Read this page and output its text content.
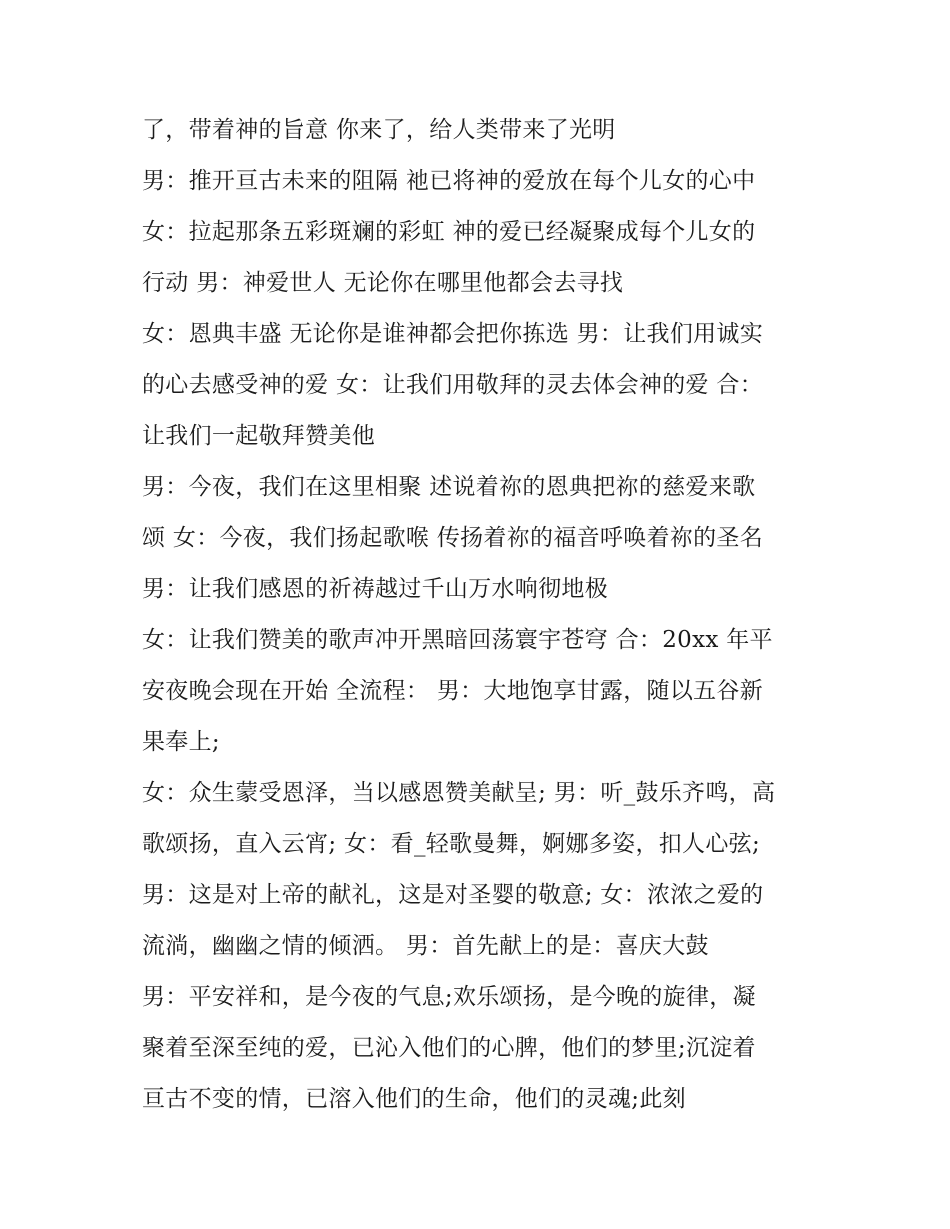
了，带着神的旨意 你来了，给人类带来了光明
男：推开亘古未来的阻隔 祂已将神的爱放在每个儿女的心中
女：拉起那条五彩斑斓的彩虹 神的爱已经凝聚成每个儿女的
行动 男：神爱世人 无论你在哪里他都会去寻找
女：恩典丰盛 无论你是谁神都会把你拣选 男：让我们用诚实
的心去感受神的爱 女：让我们用敬拜的灵去体会神的爱 合：
让我们一起敬拜赞美他
男：今夜，我们在这里相聚 述说着祢的恩典把祢的慈爱来歌
颂 女：今夜，我们扬起歌喉 传扬着祢的福音呼唤着祢的圣名
男：让我们感恩的祈祷越过千山万水响彻地极
女：让我们赞美的歌声冲开黑暗回荡寰宇苍穹 合：20xx 年平
安夜晚会现在开始 全流程： 男：大地饱享甘露，随以五谷新
果奉上;
女：众生蒙受恩泽，当以感恩赞美献呈; 男：听_鼓乐齐鸣，高
歌颂扬，直入云宵; 女：看_轻歌曼舞，婀娜多姿，扣人心弦;
男：这是对上帝的献礼，这是对圣婴的敬意; 女：浓浓之爱的
流淌，幽幽之情的倾洒。 男：首先献上的是：喜庆大鼓
男：平安祥和，是今夜的气息;欢乐颂扬，是今晚的旋律，凝
聚着至深至纯的爱，已沁入他们的心脾，他们的梦里;沉淀着
亘古不变的情，已溶入他们的生命，他们的灵魂;此刻
